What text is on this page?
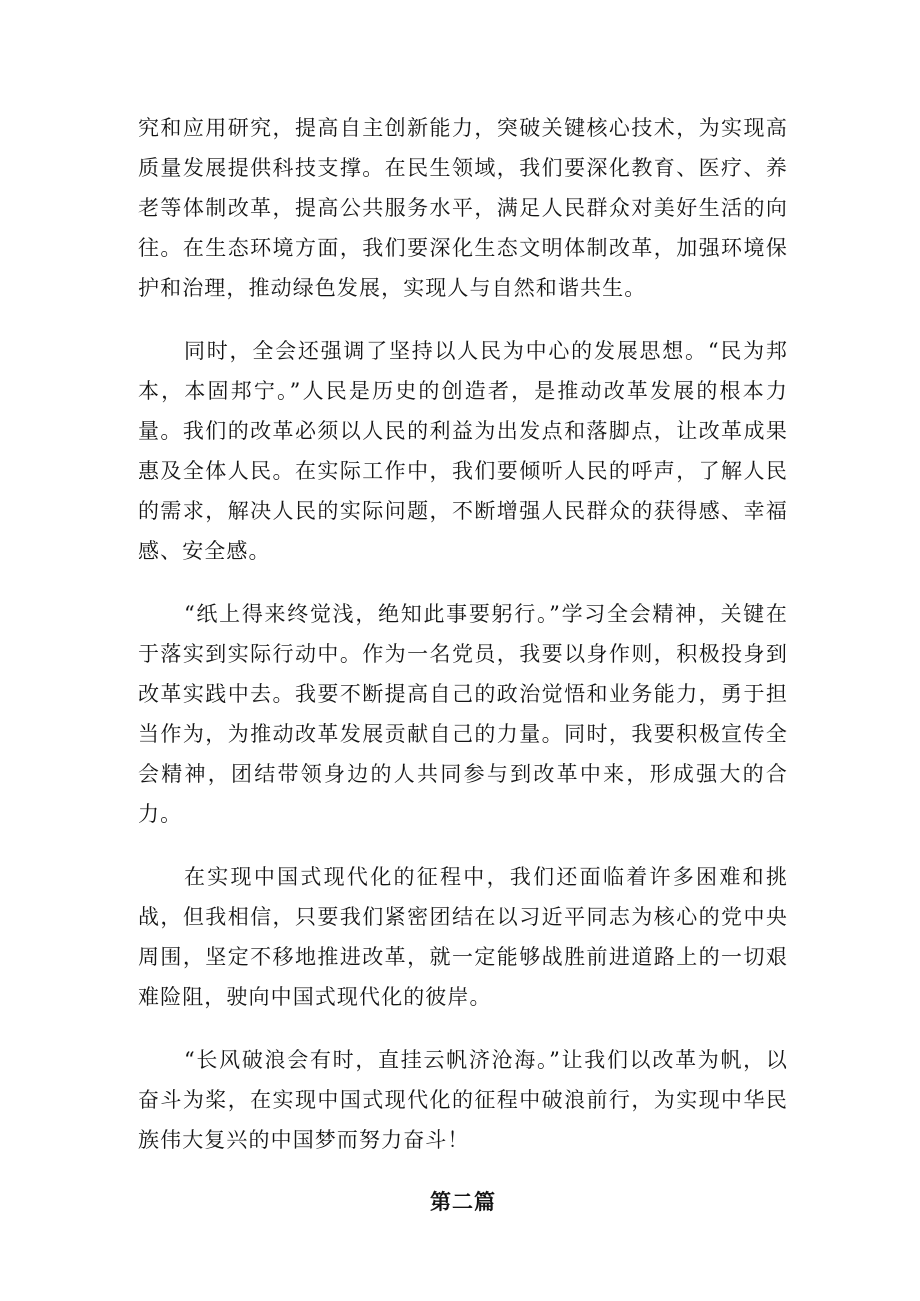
究和应用研究，提高自主创新能力，突破关键核心技术，为实现高质量发展提供科技支撑。在民生领域，我们要深化教育、医疗、养老等体制改革，提高公共服务水平，满足人民群众对美好生活的向往。在生态环境方面，我们要深化生态文明体制改革，加强环境保护和治理，推动绿色发展，实现人与自然和谐共生。

同时，全会还强调了坚持以人民为中心的发展思想。“民为邦本，本固邦宁。”人民是历史的创造者，是推动改革发展的根本力量。我们的改革必须以人民的利益为出发点和落脚点，让改革成果惠及全体人民。在实际工作中，我们要倾听人民的呼声，了解人民的需求，解决人民的实际问题，不断增强人民群众的获得感、幸福感、安全感。

“纸上得来终觉浅，绝知此事要躬行。”学习全会精神，关键在于落实到实际行动中。作为一名党员，我要以身作则，积极投身到改革实践中去。我要不断提高自己的政治觉悟和业务能力，勇于担当作为，为推动改革发展贡献自己的力量。同时，我要积极宣传全会精神，团结带领身边的人共同参与到改革中来，形成强大的合力。

在实现中国式现代化的征程中，我们还面临着许多困难和挑战，但我相信，只要我们紧密团结在以习近平同志为核心的党中央周围，坚定不移地推进改革，就一定能够战胜前进道路上的一切艰难险阻，驶向中国式现代化的彼岸。

“长风破浪会有时，直挂云帆济沧海。”让我们以改革为帆，以奋斗为桨，在实现中国式现代化的征程中破浪前行，为实现中华民族伟大复兴的中国梦而努力奋斗！

第二篇
